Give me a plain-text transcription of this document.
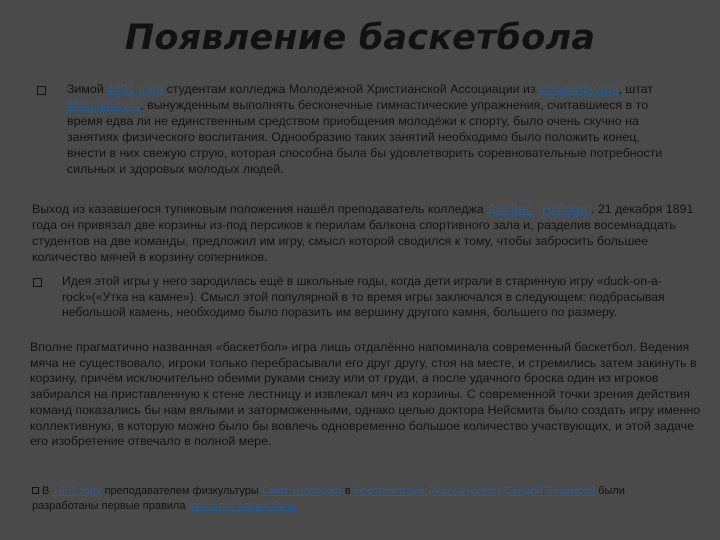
Появление баскетбола
Зимой 1891 года студентам колледжа Молодёжной Христианской Ассоциации из Спрингфилда, штат Массачусетс, вынужденным выполнять бесконечные гимнастические упражнения, считавшиеся в то время едва ли не единственным средством приобщения молодёжи к спорту, было очень скучно на занятиях физического воспитания. Однообразию таких занятий необходимо было положить конец, внести в них свежую струю, которая способна была бы удовлетворить соревновательные потребности сильных и здоровых молодых людей.
Выход из казавшегося тупиковым положения нашёл преподаватель колледжа Джеймс Нейсмит. 21 декабря 1891 года он привязал две корзины из-под персиков к перилам балкона спортивного зала и, разделив восемнадцать студентов на две команды, предложил им игру, смысл которой сводился к тому, чтобы забросить большее количество мячей в корзину соперников.
Идея этой игры у него зародилась ещё в школьные годы, когда дети играли в старинную игру «duck-on-a-rock»(«Утка на камне»). Смысл этой популярной в то время игры заключался в следующем: подбрасывая небольшой камень, необходимо было поразить им вершину другого камня, большего по размеру.
Вполне прагматично названная «баскетбол» игра лишь отдалённо напоминала современный баскетбол. Ведения мяча не существовало, игроки только перебрасывали его друг другу, стоя на месте, и стремились затем закинуть в корзину, причём исключительно обеими руками снизу или от груди, а после удачного броска один из игроков забирался на приставленную к стене лестницу и извлекал мяч из корзины. С современной точки зрения действия команд показались бы нам вялыми и заторможенными, однако целью доктора Нейсмита было создать игру именно коллективную, в которую можно было бы вовлечь одновременно большое количество участвующих, и этой задаче его изобретение отвечало в полной мере.
В 1892 году преподавателем физкультуры Смит-колледжа в Нортгемптоне (Массачусетс) Сендой Беренсон были разработаны первые правила женского баскетбола
